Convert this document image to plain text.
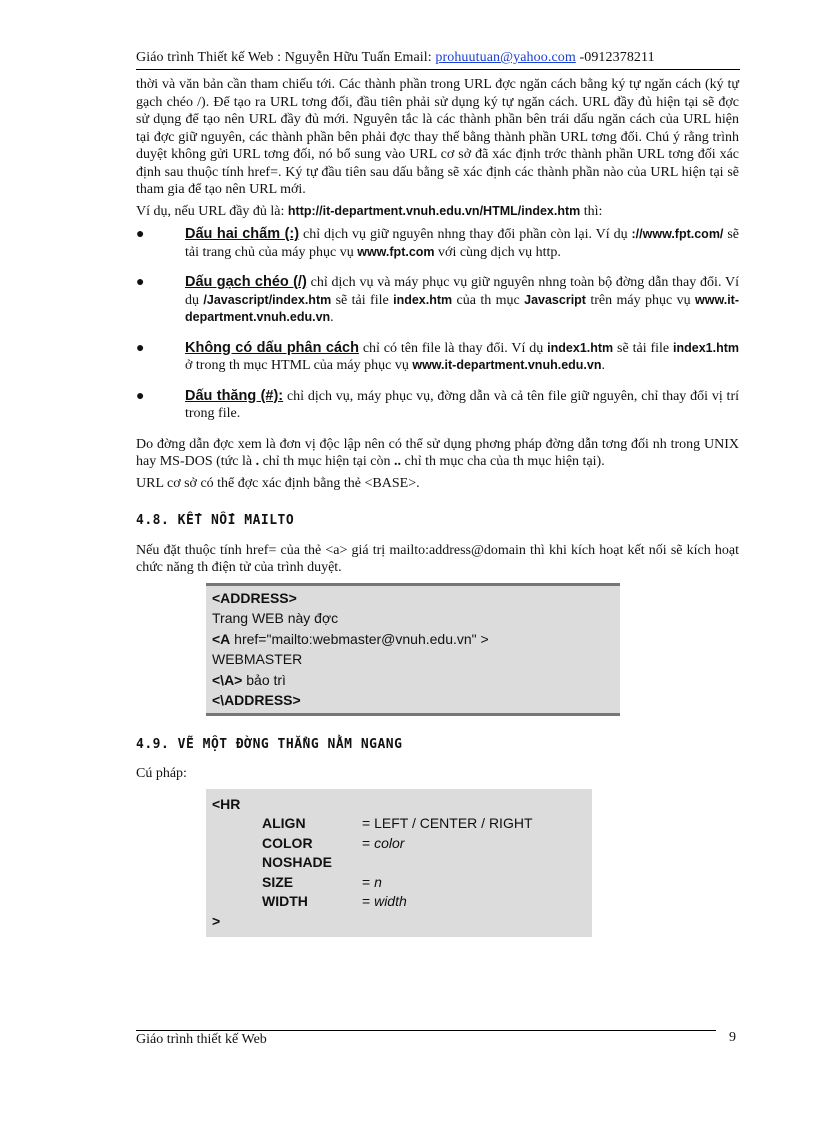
Giáo trình Thiết kế Web : Nguyễn Hữu Tuấn Email: prohuutuan@yahoo.com -0912378211

thời và văn bản cần tham chiếu tới. Các thành phần trong URL đợc ngăn cách bằng ký tự ngăn cách (ký tự gạch chéo /). Để tạo ra URL tơng đối, đầu tiên phải sử dụng ký tự ngăn cách. URL đầy đủ hiện tại sẽ đợc sử dụng để tạo nên URL đầy đủ mới. Nguyên tắc là các thành phần bên trái dấu ngăn cách của URL hiện tại đợc giữ nguyên, các thành phần bên phải đợc thay thế bằng thành phần URL tơng đối. Chú ý rằng trình duyệt không gửi URL tơng đối, nó bổ sung vào URL cơ sở đã xác định trớc thành phần URL tơng đối xác định sau thuộc tính href=. Ký tự đầu tiên sau dấu bằng sẽ xác định các thành phần nào của URL hiện tại sẽ tham gia để tạo nên URL mới.

Ví dụ, nếu URL đầy đủ là: http://it-department.vnuh.edu.vn/HTML/index.htm thì:

●	Dấu hai chấm (:) chỉ dịch vụ giữ nguyên nhng thay đổi phần còn lại. Ví dụ ://www.fpt.com/ sẽ tải trang chủ của máy phục vụ www.fpt.com với cùng dịch vụ http.
●	Dấu gạch chéo (/) chỉ dịch vụ và máy phục vụ giữ nguyên nhng toàn bộ đờng dẫn thay đổi. Ví dụ /Javascript/index.htm sẽ tải file index.htm của th mục Javascript trên máy phục vụ www.it-department.vnuh.edu.vn.
●	Không có dấu phân cách chỉ có tên file là thay đổi. Ví dụ index1.htm sẽ tải file index1.htm ở trong th mục HTML của máy phục vụ www.it-department.vnuh.edu.vn.
●	Dấu thăng (#): chỉ dịch vụ, máy phục vụ, đờng dẫn và cả tên file giữ nguyên, chỉ thay đổi vị trí trong file.

Do đờng dẫn đợc xem là đơn vị độc lập nên có thể sử dụng phơng pháp đờng dẫn tơng đối nh trong UNIX hay MS-DOS (tức là . chỉ th mục hiện tại còn .. chỉ th mục cha của th mục hiện tại).

URL cơ sở có thể đợc xác định bằng thẻ <BASE>.

4.8. KẾT NỐI MAILTO

Nếu đặt thuộc tính href= của thẻ <a> giá trị mailto:address@domain thì khi kích hoạt kết nối sẽ kích hoạt chức năng th điện tử của trình duyệt.

<ADDRESS>
Trang WEB này đợc
<A href="mailto:webmaster@vnuh.edu.vn" >
WEBMASTER
<\A> bảo trì
<\ADDRESS>
4.9. VẼ MỘT ĐỜNG THẲNG NẰM NGANG

Cú pháp:

<HR
ALIGN	= LEFT / CENTER / RIGHT
COLOR	= color
NOSHADE
SIZE	= n
WIDTH	= width
>
Giáo trình thiết kế Web	9
